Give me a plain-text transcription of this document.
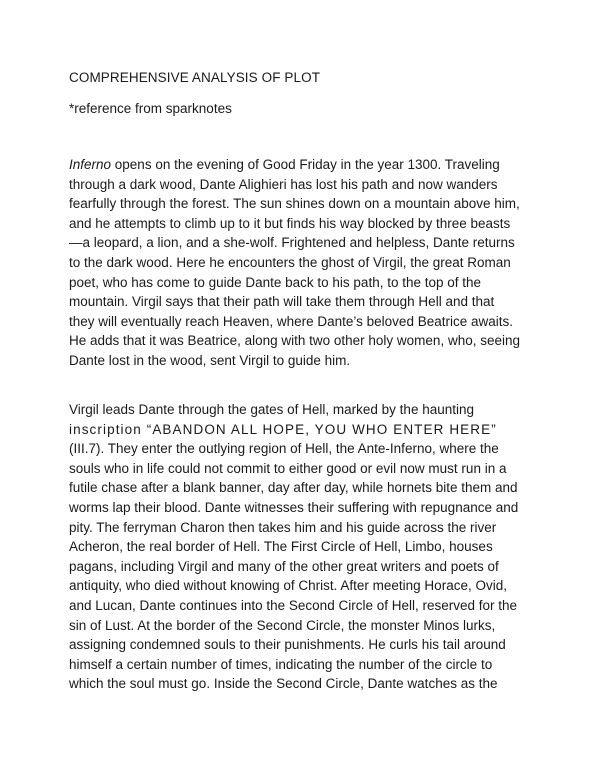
COMPREHENSIVE ANALYSIS OF PLOT
*reference from sparknotes
Inferno opens on the evening of Good Friday in the year 1300. Traveling
through a dark wood, Dante Alighieri has lost his path and now wanders
fearfully through the forest. The sun shines down on a mountain above him,
and he attempts to climb up to it but finds his way blocked by three beasts
—a leopard, a lion, and a she-wolf. Frightened and helpless, Dante returns
to the dark wood. Here he encounters the ghost of Virgil, the great Roman
poet, who has come to guide Dante back to his path, to the top of the
mountain. Virgil says that their path will take them through Hell and that
they will eventually reach Heaven, where Dante’s beloved Beatrice awaits.
He adds that it was Beatrice, along with two other holy women, who, seeing
Dante lost in the wood, sent Virgil to guide him.
Virgil leads Dante through the gates of Hell, marked by the haunting
inscription “ABANDON ALL HOPE, YOU WHO ENTER HERE”
(III.7). They enter the outlying region of Hell, the Ante-Inferno, where the
souls who in life could not commit to either good or evil now must run in a
futile chase after a blank banner, day after day, while hornets bite them and
worms lap their blood. Dante witnesses their suffering with repugnance and
pity. The ferryman Charon then takes him and his guide across the river
Acheron, the real border of Hell. The First Circle of Hell, Limbo, houses
pagans, including Virgil and many of the other great writers and poets of
antiquity, who died without knowing of Christ. After meeting Horace, Ovid,
and Lucan, Dante continues into the Second Circle of Hell, reserved for the
sin of Lust. At the border of the Second Circle, the monster Minos lurks,
assigning condemned souls to their punishments. He curls his tail around
himself a certain number of times, indicating the number of the circle to
which the soul must go. Inside the Second Circle, Dante watches as the
